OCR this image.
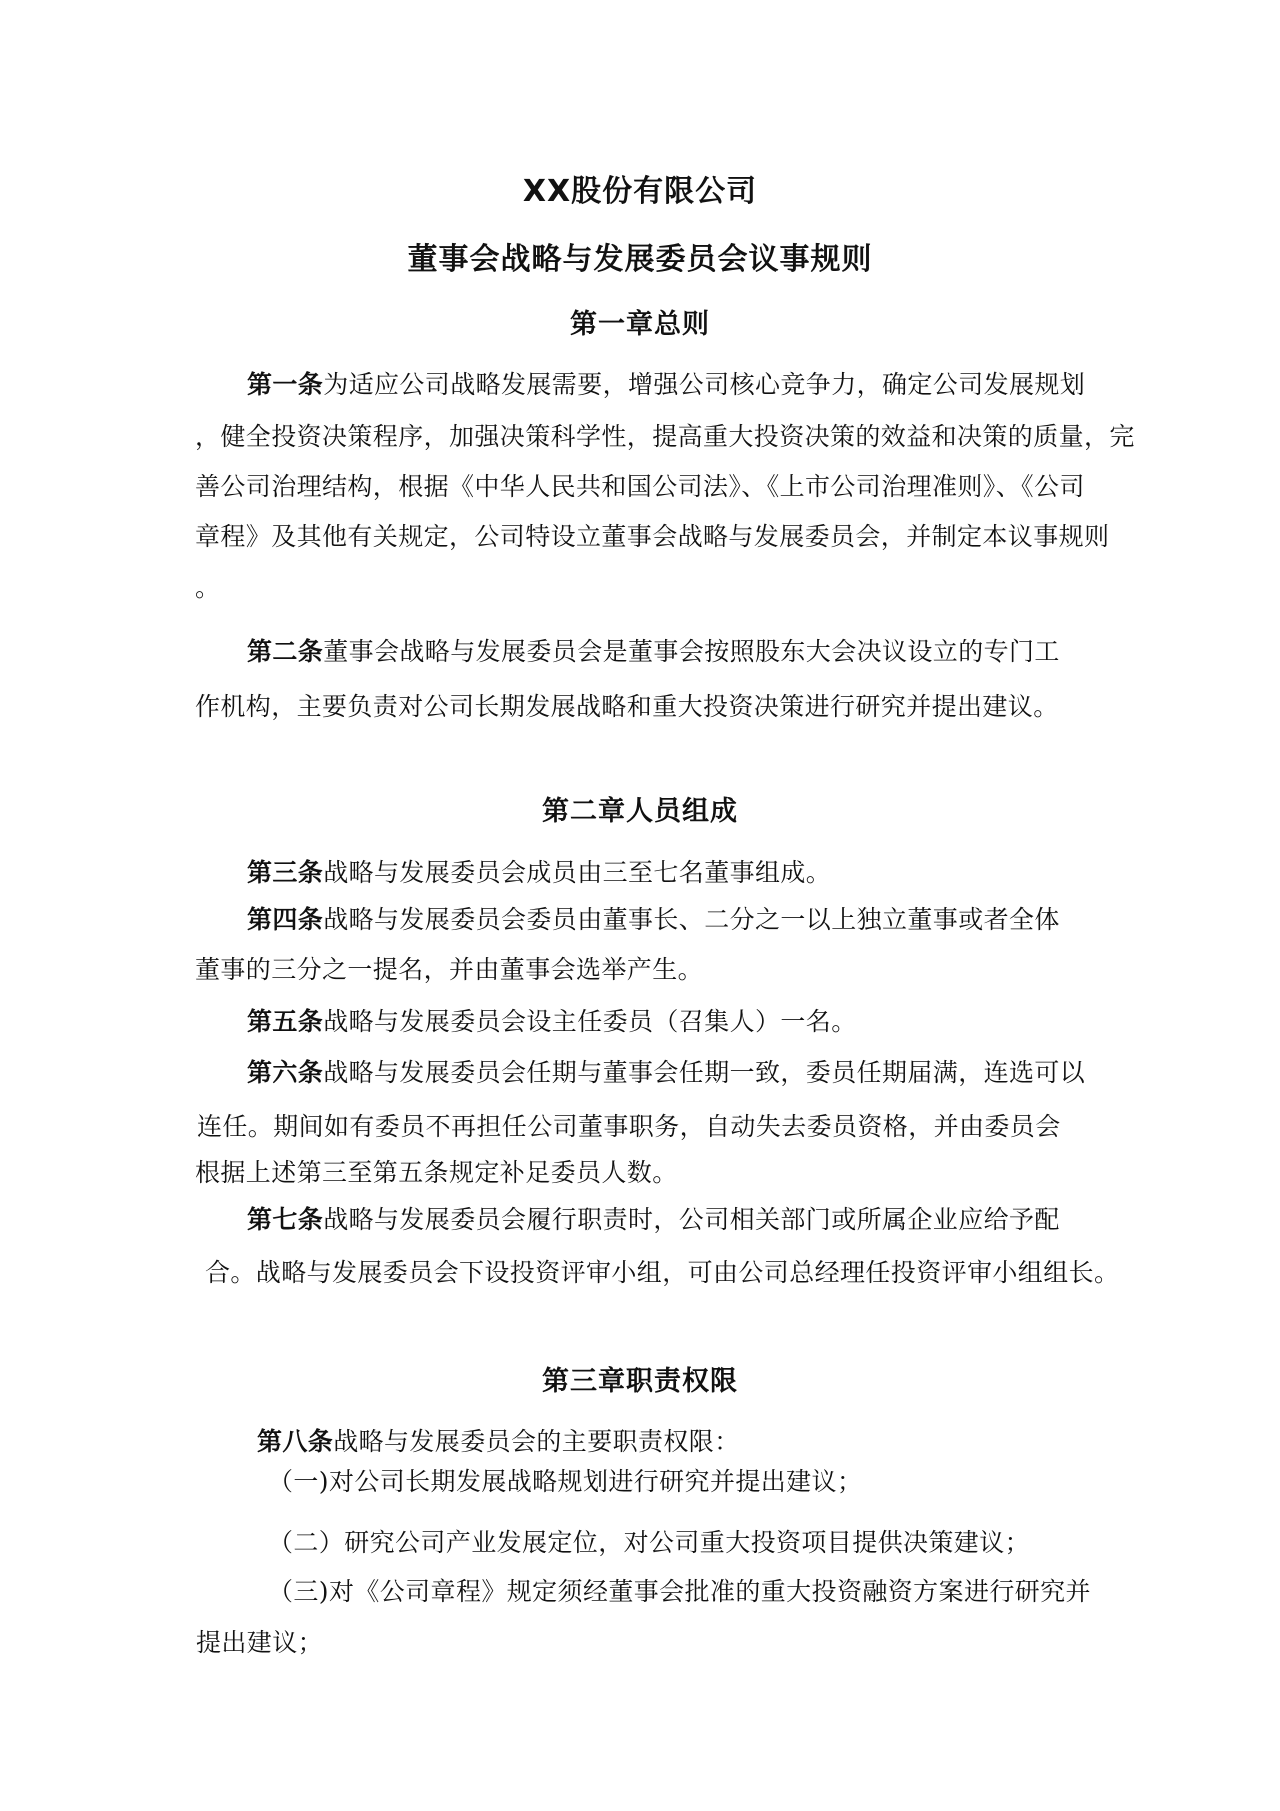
XX股份有限公司
董事会战略与发展委员会议事规则
第一章总则
第一条为适应公司战略发展需要，增强公司核心竞争力，确定公司发展规划
，健全投资决策程序，加强决策科学性，提高重大投资决策的效益和决策的质量，完
善公司治理结构，根据《中华人民共和国公司法》、《上市公司治理准则》、《公司
章程》及其他有关规定，公司特设立董事会战略与发展委员会，并制定本议事规则
。
第二条董事会战略与发展委员会是董事会按照股东大会决议设立的专门工
作机构，主要负责对公司长期发展战略和重大投资决策进行研究并提出建议。
第二章人员组成
第三条战略与发展委员会成员由三至七名董事组成。
第四条战略与发展委员会委员由董事长、二分之一以上独立董事或者全体
董事的三分之一提名，并由董事会选举产生。
第五条战略与发展委员会设主任委员（召集人）一名。
第六条战略与发展委员会任期与董事会任期一致，委员任期届满，连选可以
连任。期间如有委员不再担任公司董事职务，自动失去委员资格，并由委员会
根据上述第三至第五条规定补足委员人数。
第七条战略与发展委员会履行职责时，公司相关部门或所属企业应给予配
合。战略与发展委员会下设投资评审小组，可由公司总经理任投资评审小组组长。
第三章职责权限
第八条战略与发展委员会的主要职责权限：
（一)对公司长期发展战略规划进行研究并提出建议；
（二）研究公司产业发展定位，对公司重大投资项目提供决策建议；
（三)对《公司章程》规定须经董事会批准的重大投资融资方案进行研究并
提出建议；
